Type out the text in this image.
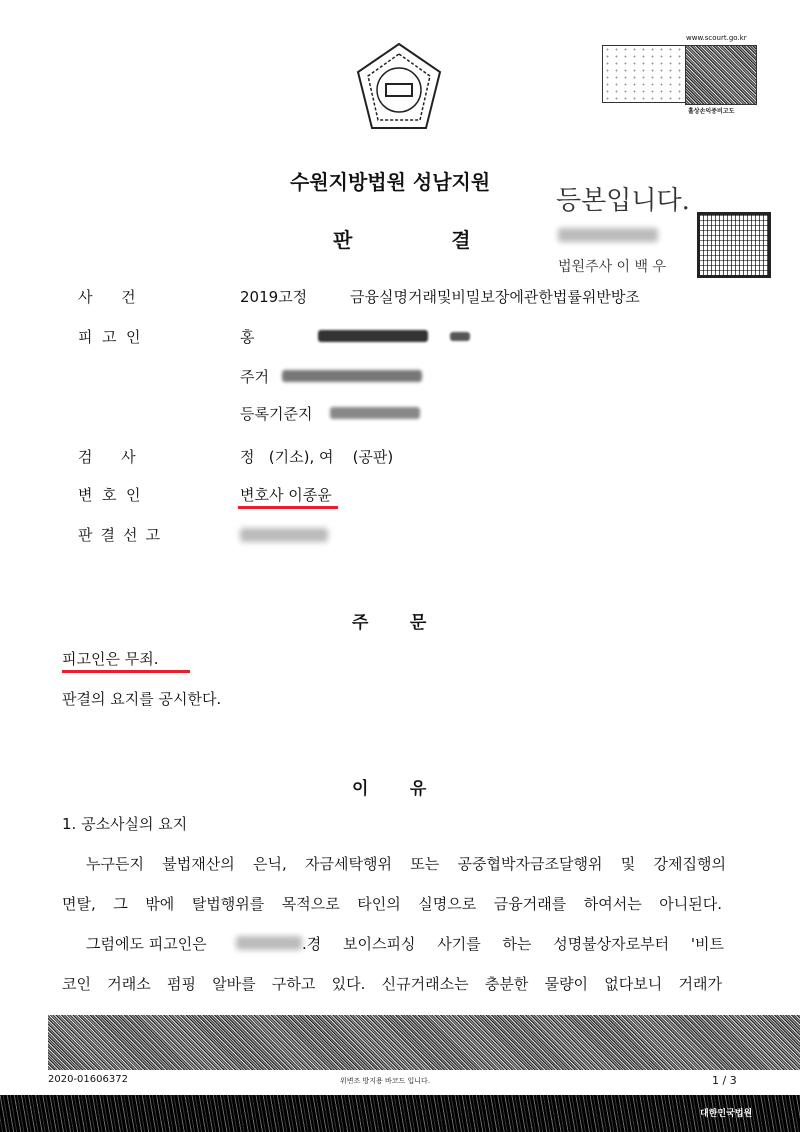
www.scourt.go.kr
홀상손익중비고도
수원지방법원 성남지원
판 결
등본입니다.
법원주사 이 백 우
사      건	2019고정	금융실명거래및비밀보장에관한법률위반방조
피  고  인	홍
주거
등록기준지
검      사	정   (기소), 여    (공판)
변  호  인	변호사 이종윤
판결선고
주       문
피고인은 무죄.
판결의 요지를 공시한다.
이       유
1. 공소사실의 요지
누구든지 불법재산의 은닉, 자금세탁행위 또는 공중협박자금조달행위 및 강제집행의
면탈, 그 밖에 탈법행위를 목적으로 타인의 실명으로 금융거래를 하여서는 아니된다.
그럼에도 피고인은	.경 보이스피싱 사기를 하는 성명불상자로부터 '비트
코인 거래소 펌핑 알바를 구하고 있다. 신규거래소는 충분한 물량이 없다보니 거래가
2020-01606372	위변조 방지용 바코드 입니다.	1 / 3
대한민국법원
